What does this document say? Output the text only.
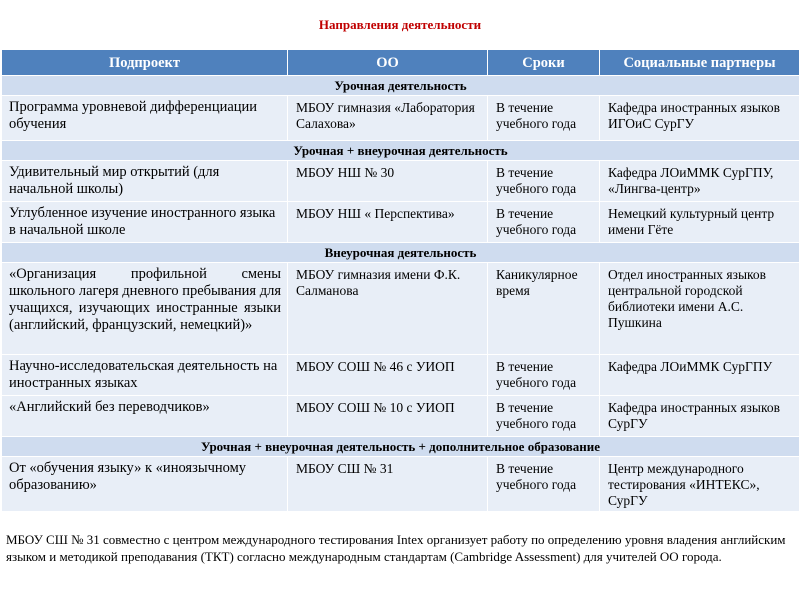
Направления деятельности
Подпроект	ОО	Сроки	Социальные партнеры
Урочная деятельность			
Программа уровневой дифференциации обучения	МБОУ гимназия «Лаборатория Салахова»	В течение учебного года	Кафедра иностранных языков ИГОиС СурГУ
Урочная + внеурочная деятельность			
Удивительный мир открытий (для начальной школы)	МБОУ НШ № 30	В течение учебного года	Кафедра ЛОиММК СурГПУ, «Лингва-центр»
Углубленное изучение иностранного языка в начальной школе	МБОУ НШ « Перспектива»	В течение учебного года	Немецкий культурный центр имени Гёте
Внеурочная деятельность			
«Организация профильной смены школьного лагеря дневного пребывания для учащихся, изучающих иностранные языки (английский, французский, немецкий)»	МБОУ гимназия имени Ф.К. Салманова	Каникулярное время	Отдел иностранных языков центральной городской библиотеки имени А.С. Пушкина
Научно-исследовательская деятельность на иностранных языках	МБОУ СОШ № 46 с УИОП	В течение учебного года	Кафедра ЛОиММК СурГПУ
«Английский без переводчиков»	МБОУ СОШ № 10 с УИОП	В течение учебного года	Кафедра иностранных языков СурГУ
Урочная + внеурочная деятельность + дополнительное образование			
От «обучения языку» к «иноязычному образованию»	МБОУ СШ № 31	В течение учебного года	Центр международного тестирования «ИНТЕКС», СурГУ
МБОУ СШ № 31 совместно с центром международного тестирования Intex организует работу по определению уровня владения английским языком и методикой преподавания (ТКТ) согласно международным стандартам (Cambridge Assessment) для учителей ОО города.
